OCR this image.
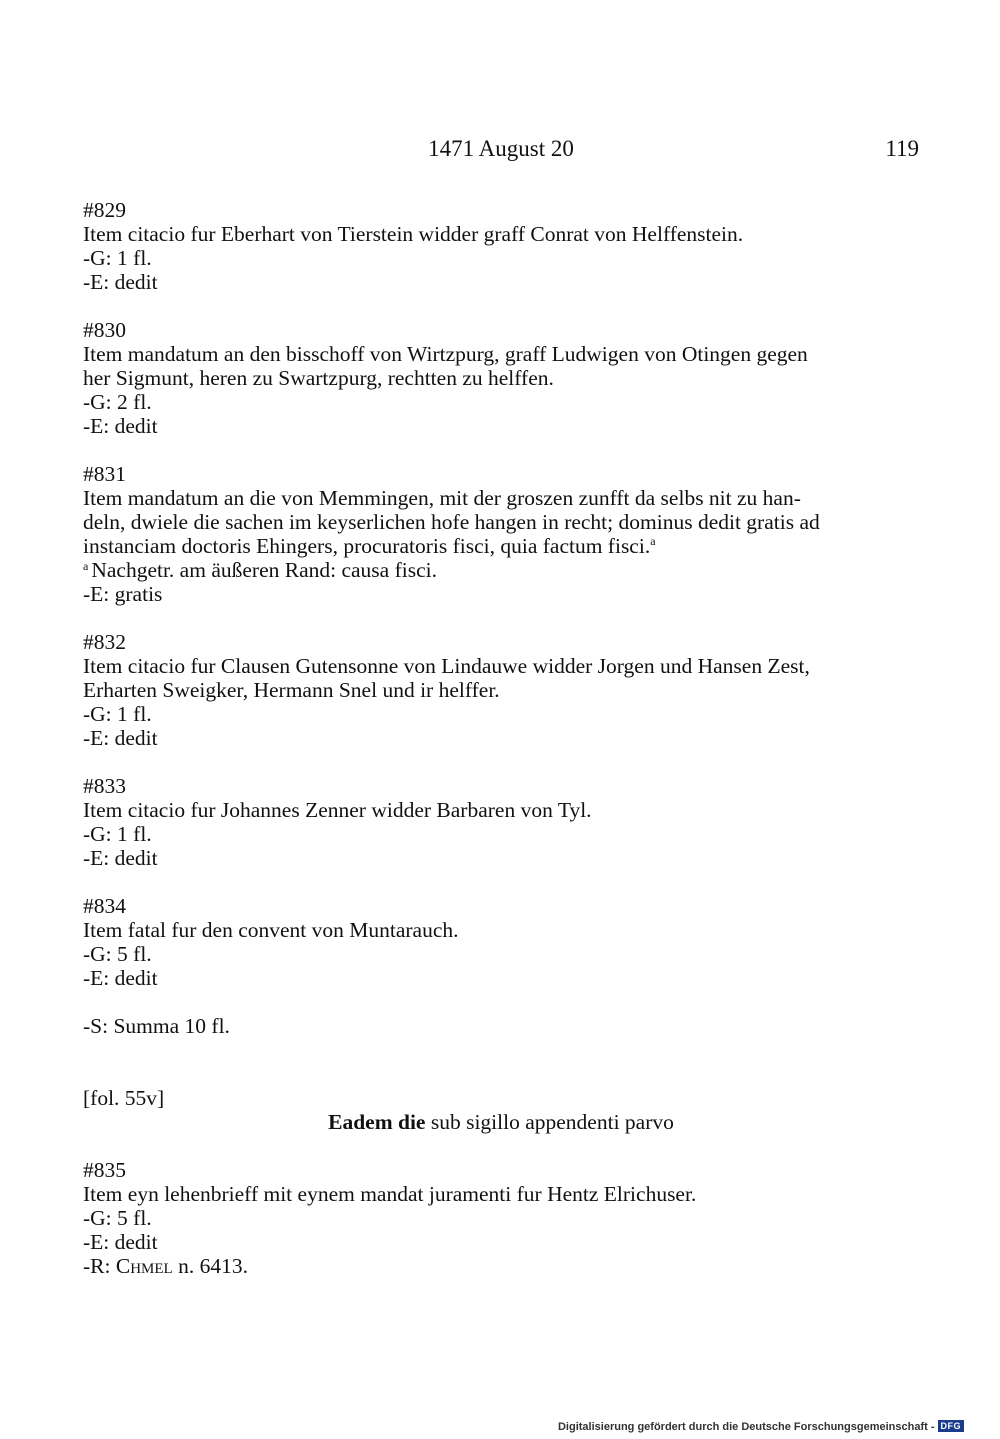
1471 August 20	119
#829
Item citacio fur Eberhart von Tierstein widder graff Conrat von Helffenstein.
-G: 1 fl.
-E: dedit
#830
Item mandatum an den bisschoff von Wirtzpurg, graff Ludwigen von Otingen gegen
her Sigmunt, heren zu Swartzpurg, rechtten zu helffen.
-G: 2 fl.
-E: dedit
#831
Item mandatum an die von Memmingen, mit der groszen zunfft da selbs nit zu han-
deln, dwiele die sachen im keyserlichen hofe hangen in recht; dominus dedit gratis ad
instanciam doctoris Ehingers, procuratoris fisci, quia factum fisci.$^a$
$^a$ Nachgetr. am äußeren Rand: causa fisci.
-E: gratis
#832
Item citacio fur Clausen Gutensonne von Lindauwe widder Jorgen und Hansen Zest,
Erharten Sweigker, Hermann Snel und ir helffer.
-G: 1 fl.
-E: dedit
#833
Item citacio fur Johannes Zenner widder Barbaren von Tyl.
-G: 1 fl.
-E: dedit
#834
Item fatal fur den convent von Muntarauch.
-G: 5 fl.
-E: dedit
-S: Summa 10 fl.
[fol. 55v]
Eadem die sub sigillo appendenti parvo
#835
Item eyn lehenbrieff mit eynem mandat juramenti fur Hentz Elrichuser.
-G: 5 fl.
-E: dedit
-R: Chmel n. 6413.
Digitalisierung gefördert durch die Deutsche Forschungsgemeinschaft - DFG
